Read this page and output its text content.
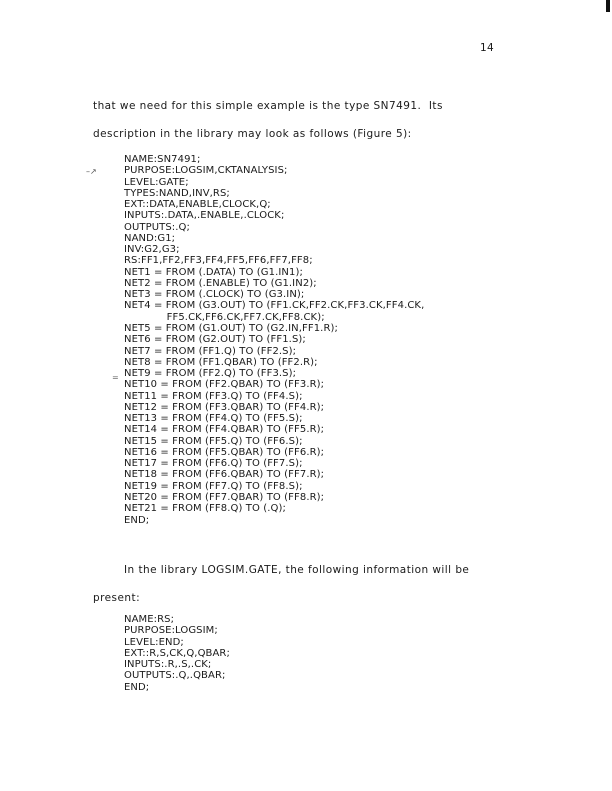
14
that we need for this simple example is the type SN7491.  Its
description in the library may look as follows (Figure 5):
–↗
=
NAME:SN7491;
PURPOSE:LOGSIM,CKTANALYSIS;
LEVEL:GATE;
TYPES:NAND,INV,RS;
EXT::DATA,ENABLE,CLOCK,Q;
INPUTS:.DATA,.ENABLE,.CLOCK;
OUTPUTS:.Q;
NAND:G1;
INV:G2,G3;
RS:FF1,FF2,FF3,FF4,FF5,FF6,FF7,FF8;
NET1 = FROM (.DATA) TO (G1.IN1);
NET2 = FROM (.ENABLE) TO (G1.IN2);
NET3 = FROM (.CLOCK) TO (G3.IN);
NET4 = FROM (G3.OUT) TO (FF1.CK,FF2.CK,FF3.CK,FF4.CK,
FF5.CK,FF6.CK,FF7.CK,FF8.CK);
NET5 = FROM (G1.OUT) TO (G2.IN,FF1.R);
NET6 = FROM (G2.OUT) TO (FF1.S);
NET7 = FROM (FF1.Q) TO (FF2.S);
NET8 = FROM (FF1.QBAR) TO (FF2.R);
NET9 = FROM (FF2.Q) TO (FF3.S);
NET10 = FROM (FF2.QBAR) TO (FF3.R);
NET11 = FROM (FF3.Q) TO (FF4.S);
NET12 = FROM (FF3.QBAR) TO (FF4.R);
NET13 = FROM (FF4.Q) TO (FF5.S);
NET14 = FROM (FF4.QBAR) TO (FF5.R);
NET15 = FROM (FF5.Q) TO (FF6.S);
NET16 = FROM (FF5.QBAR) TO (FF6.R);
NET17 = FROM (FF6.Q) TO (FF7.S);
NET18 = FROM (FF6.QBAR) TO (FF7.R);
NET19 = FROM (FF7.Q) TO (FF8.S);
NET20 = FROM (FF7.QBAR) TO (FF8.R);
NET21 = FROM (FF8.Q) TO (.Q);
END;
In the library LOGSIM.GATE, the following information will be
present:
NAME:RS;
PURPOSE:LOGSIM;
LEVEL:END;
EXT::R,S,CK,Q,QBAR;
INPUTS:.R,.S,.CK;
OUTPUTS:.Q,.QBAR;
END;
